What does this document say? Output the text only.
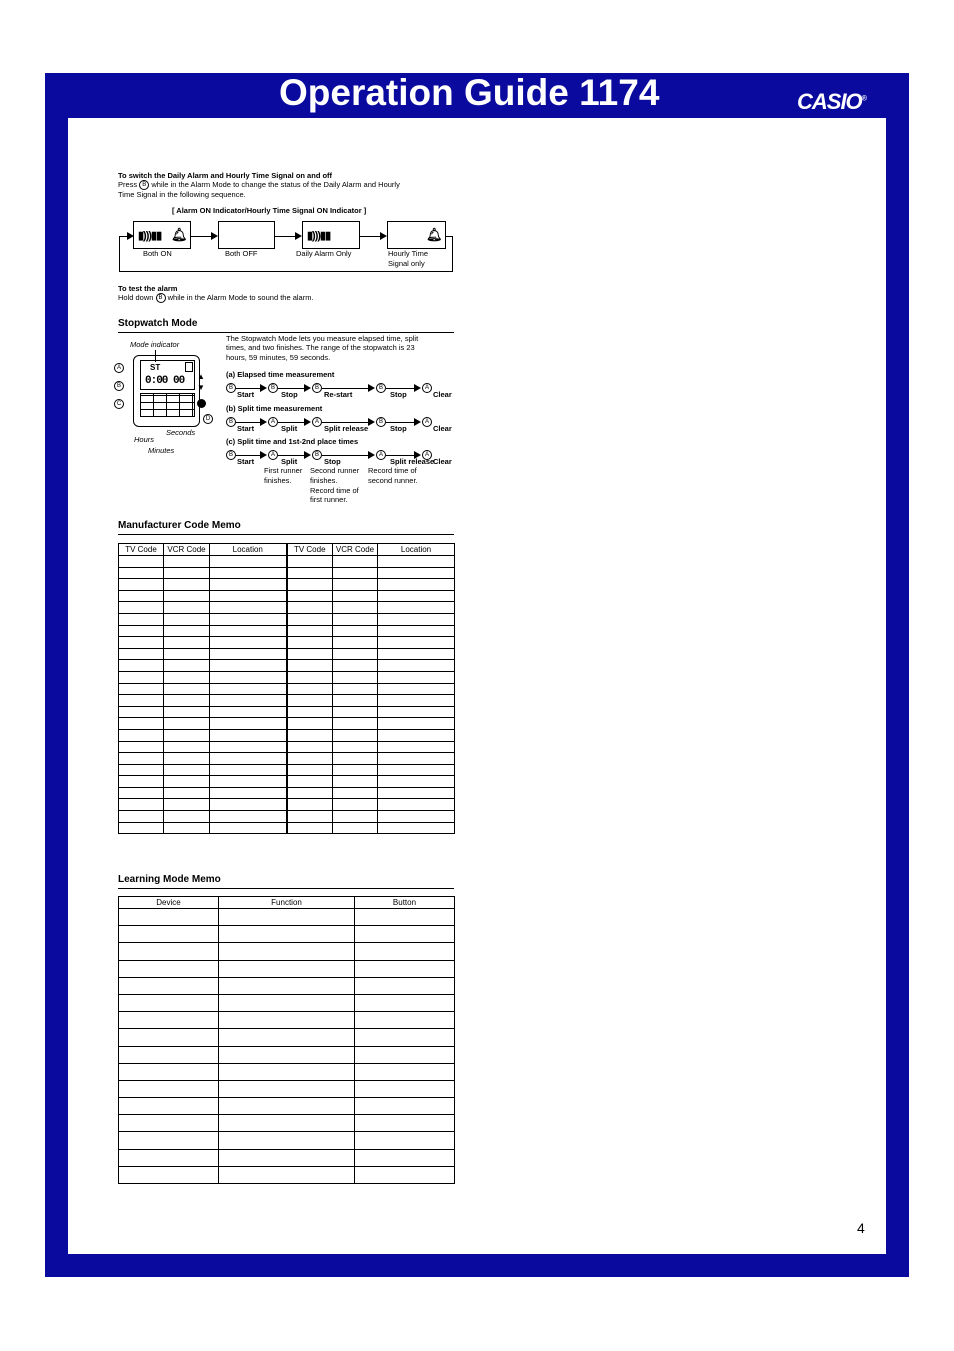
Operation Guide 1174	CASIO®
To switch the Daily Alarm and Hourly Time Signal on and off
Press B while in the Alarm Mode to change the status of the Daily Alarm and Hourly
Time Signal in the following sequence.
[ Alarm ON Indicator/Hourly Time Signal ON Indicator ]
▮)))▮▮ 🔔︎	▮)))▮▮	🔔︎
Both ON	Both OFF	Daily Alarm Only	Hourly Time
Signal only
To test the alarm
Hold down B while in the Alarm Mode to sound the alarm.
Stopwatch Mode
The Stopwatch Mode lets you measure elapsed time, split
times, and two finishes. The range of the stopwatch is 23
hours, 59 minutes, 59 seconds.
Mode indicator
ST
0:00 00 ▲
▼
A
B
C
D
Seconds
Hours
Minutes
(a) Elapsed time measurement
B
Start
B
Stop
B
Re-start
B
Stop
A
Clear
(b) Split time measurement
B
Start
A
Split
A
Split release
B
Stop
A
Clear
(c) Split time and 1st-2nd place times
B
Start
A
Split
B
Stop
A
Split release
A
Clear
First runner
finishes.
Second runner
finishes.
Record time of
first runner.
Record time of
second runner.
Manufacturer Code Memo
TV Code	VCR Code	Location	TV Code	VCR Code	Location

Learning Mode Memo
Device	Function	Button

4
